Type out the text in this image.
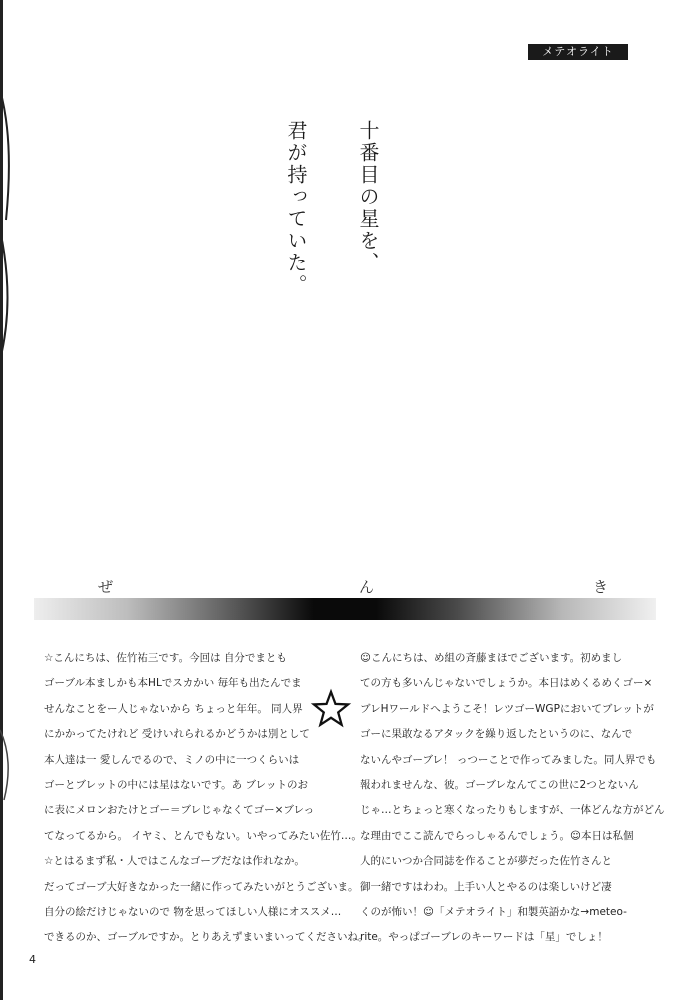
メテオライト
十番目の星を、
君が持っていた。
ぜ	ん	き
☆こんにちは、佐竹祐三です。今回は 自分でまとも
ゴーブル本ましかも本HLでスカかい 毎年も出たんでま
せんなことをー人じゃないから ちょっと年年。 同人界
にかかってたけれど 受けいれられるかどうかは別として
本人達は一 愛しんでるので、ミノの中に一つくらいは
ゴーとブレットの中には星はないです。あ ブレットのお
に表にメロンおたけとゴー＝ブレじゃなくてゴー×ブレっ
てなってるから。 イヤミ、とんでもない。いやってみたい佐竹…。
☆とはるまず私・人ではこんなゴーブだなは作れなか。
だってゴーブ大好きなかった一緒に作ってみたいがとうございま。
自分の絵だけじゃないので 物を思ってほしい人様にオススメ…
できるのか、ゴーブルですか。とりあえずまいまいってくださいね。
☺こんにちは、め組の斉藤まほでございます。初めまし
ての方も多いんじゃないでしょうか。本日はめくるめくゴー×
ブレHワールドへようこそ！レツゴーWGPにおいてブレットが
ゴーに果敢なるアタックを繰り返したというのに、なんで
ないんやゴーブレ！ っつーことで作ってみました。同人界でも
報われませんな、彼。ゴーブレなんてこの世に2つとないん
じゃ…とちょっと寒くなったりもしますが、一体どんな方がどん
な理由でここ読んでらっしゃるんでしょう。☺本日は私個
人的にいつか合同誌を作ることが夢だった佐竹さんと
御一緒ですはわわ。上手い人とやるのは楽しいけど凄
くのが怖い！☺「メテオライト」和製英語かな→meteo-
rite。やっぱゴーブレのキーワードは「星」でしょ！
4
